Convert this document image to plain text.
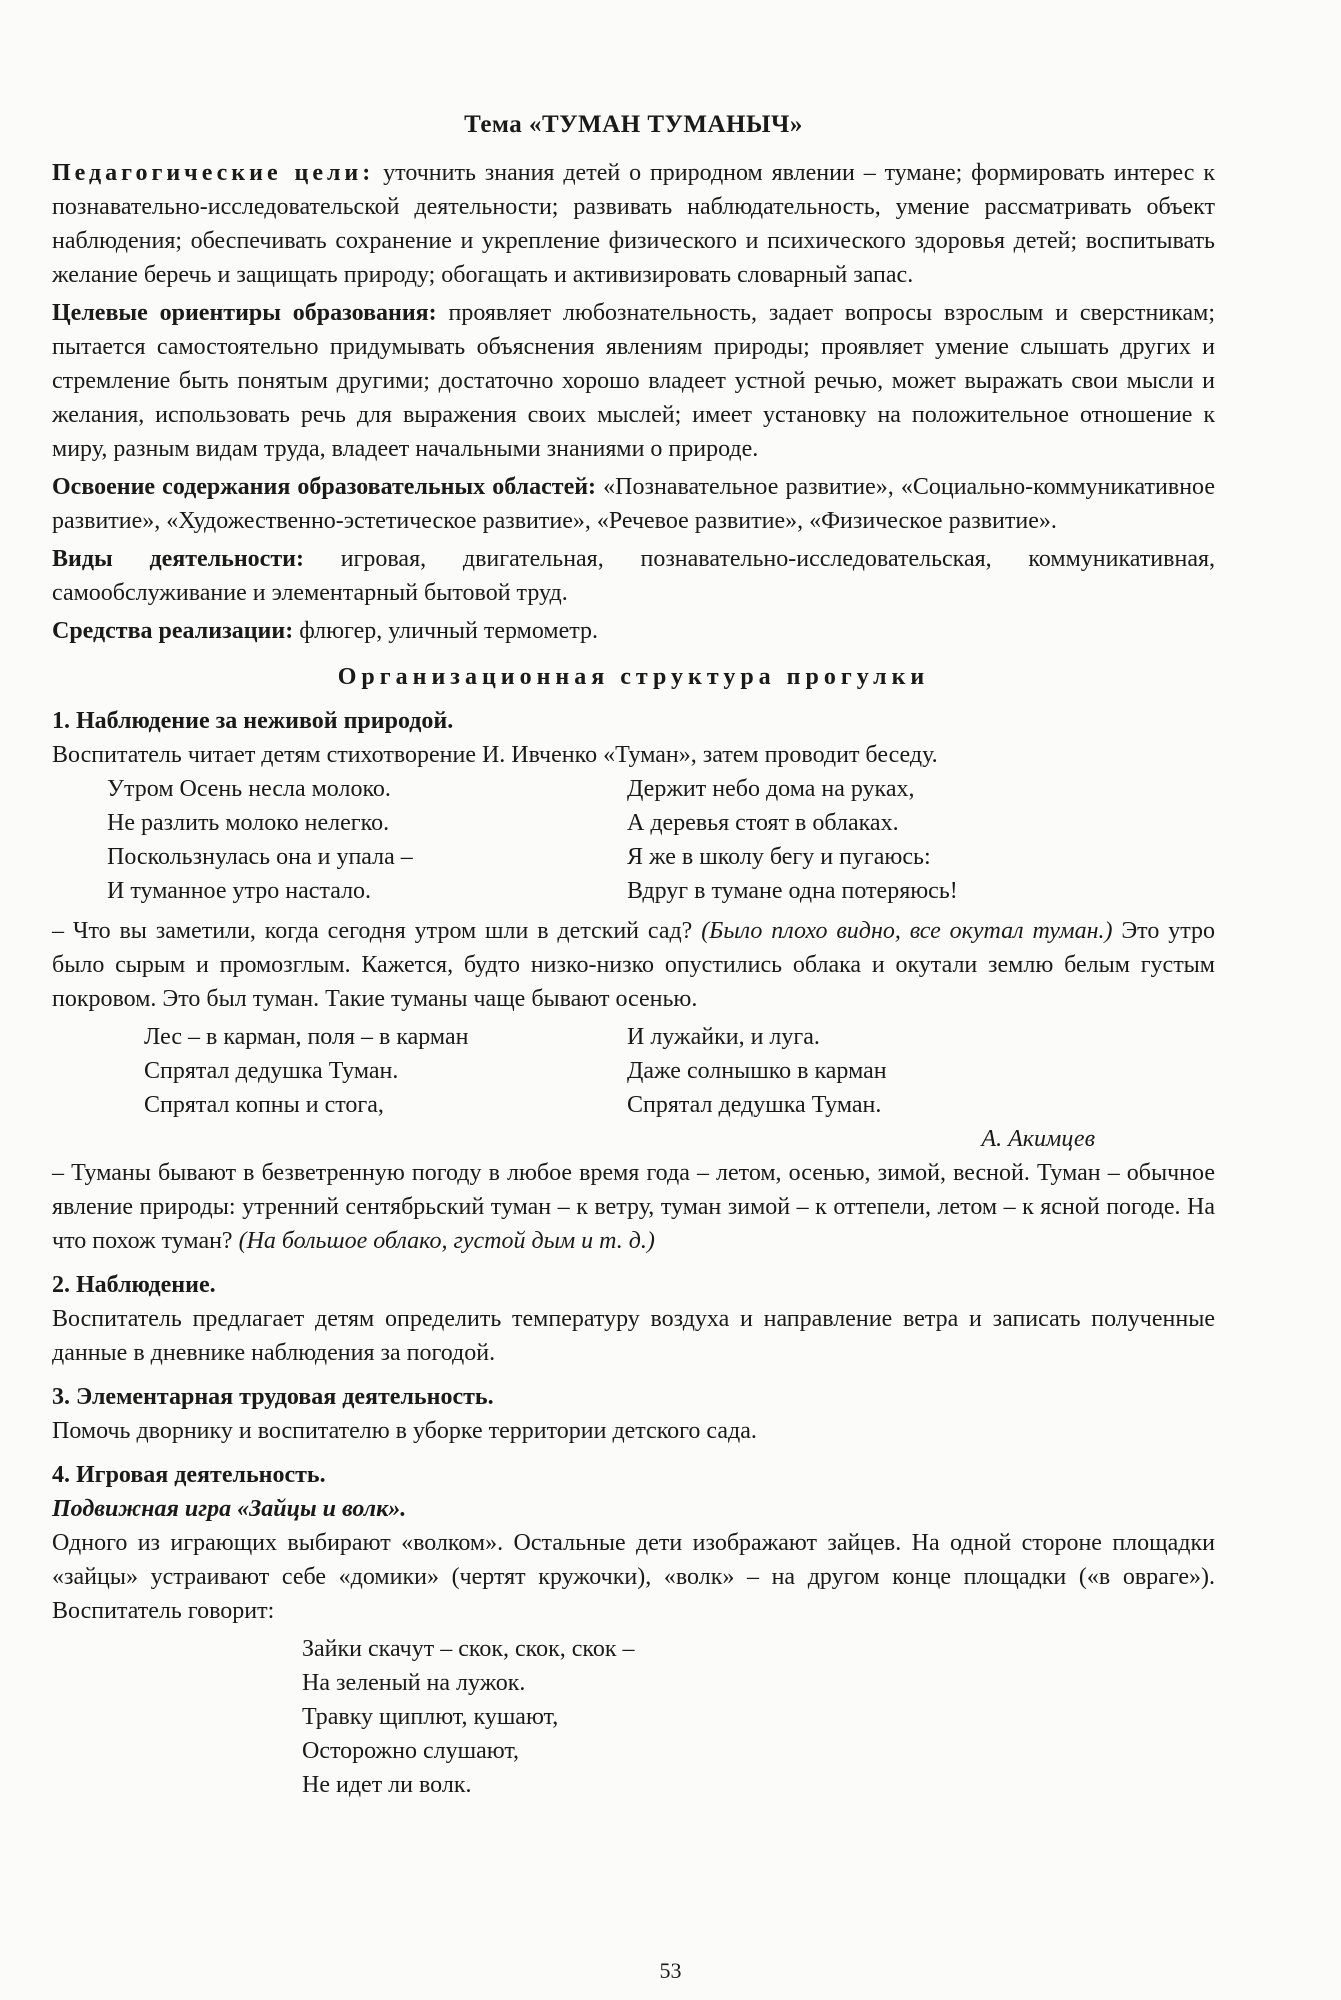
Тема «ТУМАН ТУМАНЫЧ»

Педагогические цели: уточнить знания детей о природном явлении – тумане; формировать интерес к познавательно-исследовательской деятельности; развивать наблюдательность, умение рассматривать объект наблюдения; обеспечивать сохранение и укрепление физического и психического здоровья детей; воспитывать желание беречь и защищать природу; обогащать и активизировать словарный запас.

Целевые ориентиры образования: проявляет любознательность, задает вопросы взрослым и сверстникам; пытается самостоятельно придумывать объяснения явлениям природы; проявляет умение слышать других и стремление быть понятым другими; достаточно хорошо владеет устной речью, может выражать свои мысли и желания, использовать речь для выражения своих мыслей; имеет установку на положительное отношение к миру, разным видам труда, владеет начальными знаниями о природе.

Освоение содержания образовательных областей: «Познавательное развитие», «Социально-коммуникативное развитие», «Художественно-эстетическое развитие», «Речевое развитие», «Физическое развитие».

Виды деятельности: игровая, двигательная, познавательно-исследовательская, коммуникативная, самообслуживание и элементарный бытовой труд.

Средства реализации: флюгер, уличный термометр.

Организационная структура прогулки
1. Наблюдение за неживой природой.
Воспитатель читает детям стихотворение И. Ивченко «Туман», затем проводит беседу.
Утром Осень несла молоко.
Не разлить молоко нелегко.
Поскользнулась она и упала –
И туманное утро настало.
Держит небо дома на руках,
А деревья стоят в облаках.
Я же в школу бегу и пугаюсь:
Вдруг в тумане одна потеряюсь!

– Что вы заметили, когда сегодня утром шли в детский сад? (Было плохо видно, все окутал туман.) Это утро было сырым и промозглым. Кажется, будто низко-низко опустились облака и окутали землю белым густым покровом. Это был туман. Такие туманы чаще бывают осенью.

Лес – в карман, поля – в карман
Спрятал дедушка Туман.
Спрятал копны и стога,
И лужайки, и луга.
Даже солнышко в карман
Спрятал дедушка Туман.
А. Акимцев

– Туманы бывают в безветренную погоду в любое время года – летом, осенью, зимой, весной. Туман – обычное явление природы: утренний сентябрьский туман – к ветру, туман зимой – к оттепели, летом – к ясной погоде. На что похож туман? (На большое облако, густой дым и т. д.)

2. Наблюдение.

Воспитатель предлагает детям определить температуру воздуха и направление ветра и записать полученные данные в дневнике наблюдения за погодой.

3. Элементарная трудовая деятельность.

Помочь дворнику и воспитателю в уборке территории детского сада.

4. Игровая деятельность.
Подвижная игра «Зайцы и волк».

Одного из играющих выбирают «волком». Остальные дети изображают зайцев. На одной стороне площадки «зайцы» устраивают себе «домики» (чертят кружочки), «волк» – на другом конце площадки («в овраге»). Воспитатель говорит:

Зайки скачут – скок, скок, скок –
На зеленый на лужок.
Травку щиплют, кушают,
Осторожно слушают,
Не идет ли волк.
53
